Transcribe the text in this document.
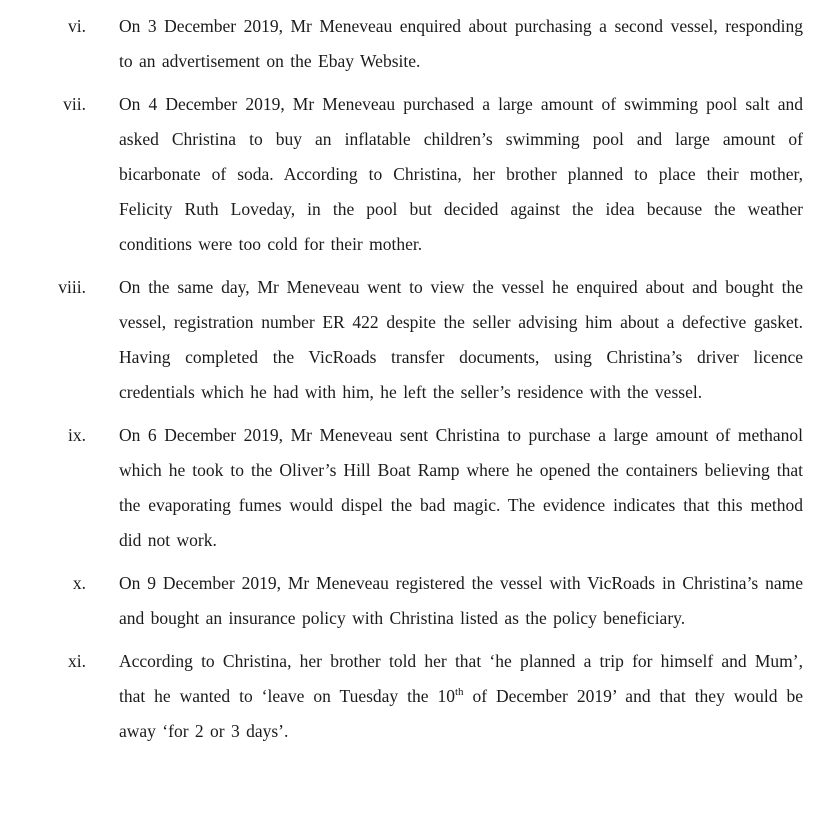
vi. On 3 December 2019, Mr Meneveau enquired about purchasing a second vessel, responding to an advertisement on the Ebay Website.
vii. On 4 December 2019, Mr Meneveau purchased a large amount of swimming pool salt and asked Christina to buy an inflatable children’s swimming pool and large amount of bicarbonate of soda. According to Christina, her brother planned to place their mother, Felicity Ruth Loveday, in the pool but decided against the idea because the weather conditions were too cold for their mother.
viii. On the same day, Mr Meneveau went to view the vessel he enquired about and bought the vessel, registration number ER 422 despite the seller advising him about a defective gasket. Having completed the VicRoads transfer documents, using Christina’s driver licence credentials which he had with him, he left the seller’s residence with the vessel.
ix. On 6 December 2019, Mr Meneveau sent Christina to purchase a large amount of methanol which he took to the Oliver’s Hill Boat Ramp where he opened the containers believing that the evaporating fumes would dispel the bad magic. The evidence indicates that this method did not work.
x. On 9 December 2019, Mr Meneveau registered the vessel with VicRoads in Christina’s name and bought an insurance policy with Christina listed as the policy beneficiary.
xi. According to Christina, her brother told her that ‘he planned a trip for himself and Mum’, that he wanted to ‘leave on Tuesday the 10th of December 2019’ and that they would be away ‘for 2 or 3 days’.
